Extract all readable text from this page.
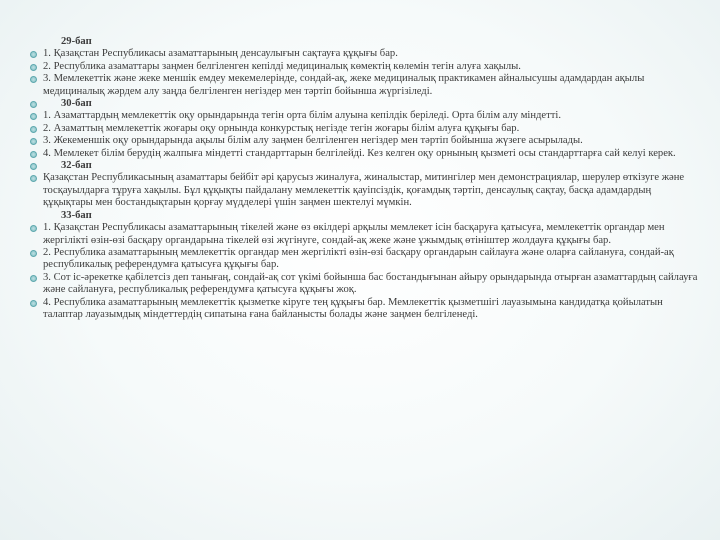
29-бап
1. Қазақстан Республикасы азаматтарының денсаулығын сақтауға құқығы бар.
2. Республика азаматтары заңмен белгіленген кепілді медициналық көмектің көлемін тегін алуға хақылы.
3. Мемлекеттік және жеке меншік емдеу мекемелерінде, сондай-ақ, жеке медициналық практикамен айналысушы адамдардан ақылы медициналық жәрдем алу заңда белгіленген негіздер мен тәртіп бойынша жүргізіледі.
30-бап
1. Азаматтардың мемлекеттік оқу орындарында тегін орта білім алуына кепілдік беріледі. Орта білім алу міндетті.
2. Азаматтың мемлекеттік жоғары оқу орнында конкурстық негізде тегін жоғары білім алуға құқығы бар.
3. Жекеменшік оқу орындарында ақылы білім алу заңмен белгіленген негіздер мен тәртіп бойынша жүзеге асырылады.
4. Мемлекет білім берудің жалпыға міндетті стандарттарын белгілейді. Кез келген оқу орнының қызметі осы стандарттарға сай келуі керек.
32-бап
Қазақстан Республикасының азаматтары бейбіт әрі қарусыз жиналуға, жиналыстар, митингілер мен демонстрациялар, шерулер өткізуге және тосқауылдарға тұруға хақылы. Бұл құқықты пайдалану мемлекеттік қауіпсіздік, қоғамдық тәртіп, денсаулық сақтау, басқа адамдардың құқықтары мен бостандықтарын қорғау мүдделері үшін заңмен шектелуі мүмкін.
33-бап
1. Қазақстан Республикасы азаматтарының тікелей және өз өкілдері арқылы мемлекет ісін басқаруға қатысуға, мемлекеттік органдар мен жергілікті өзін-өзі басқару органдарына тікелей өзі жүгінуге, сондай-ақ жеке және ұжымдық өтініштер жолдауға құқығы бар.
2. Республика азаматтарының мемлекеттік органдар мен жергілікті өзін-өзі басқару органдарын сайлауға және оларға сайлануға, сондай-ақ республикалық референдумға қатысуға құқығы бар.
3. Сот іс-әрекетке қабілетсіз деп танығаң, сондай-ақ сот үкімі бойынша бас бостандығынан айыру орындарында отырған азаматтардың сайлауға және сайлануға, республикалық референдумға қатысуға құқығы жоқ.
4. Республика азаматтарының мемлекеттік қызметке кіруге тең құқығы бар. Мемлекеттік қызметшігі лауазымына кандидатқа қойылатын талаптар лауазымдық міндеттердің сипатына ғана байланысты болады және заңмен белгіленеді.
